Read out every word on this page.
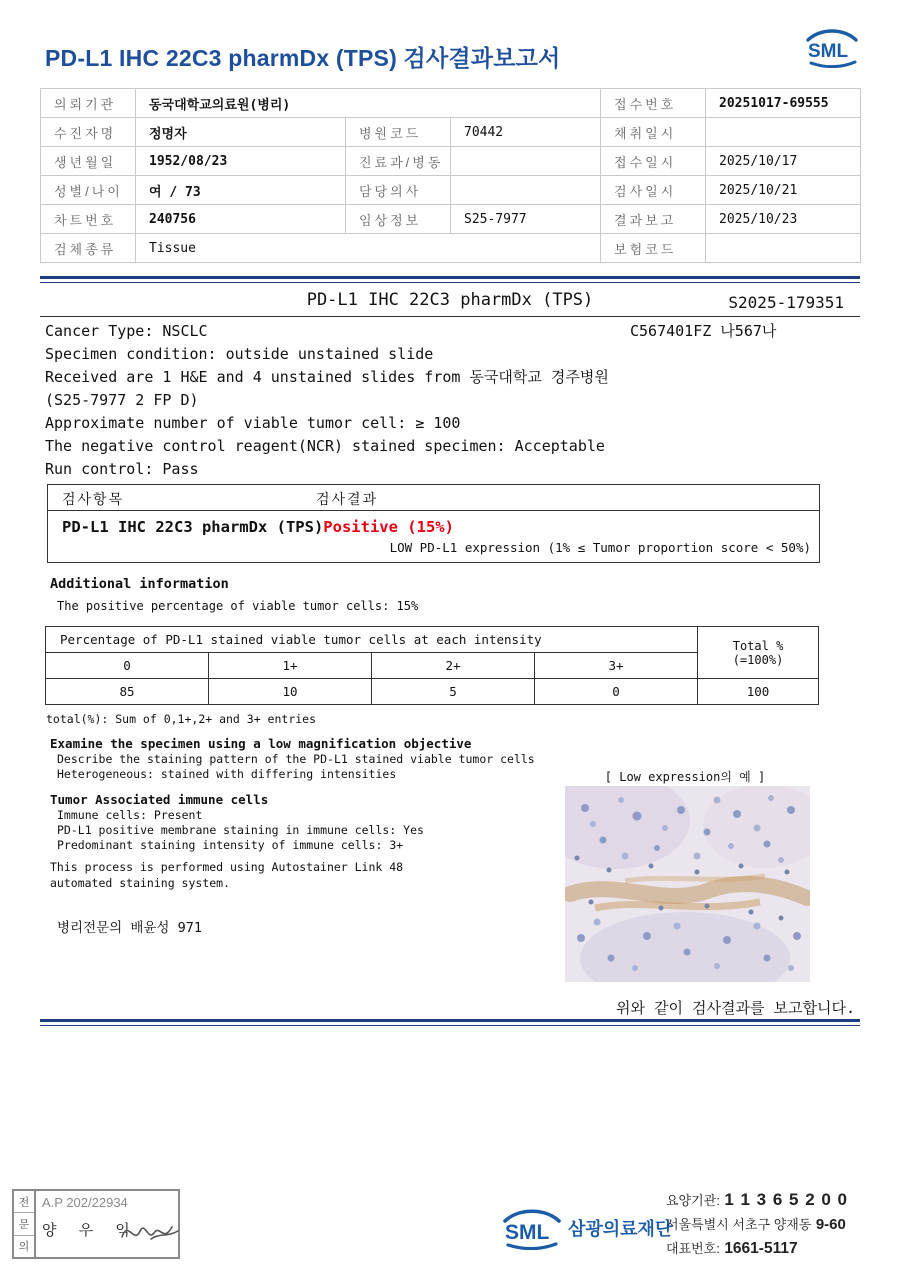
PD-L1 IHC 22C3 pharmDx (TPS) 검사결과보고서	SML
의뢰기관	동국대학교의료원(병리)			접수번호	20251017-69555
수진자명	정명자	병원코드	70442	채취일시	
생년월일	1952/08/23	진료과/병동		접수일시	2025/10/17
성별/나이	여 / 73	담당의사		검사일시	2025/10/21
차트번호	240756	임상정보	S25-7977	결과보고	2025/10/23
검체종류	Tissue			보험코드	
PD-L1 IHC 22C3 pharmDx (TPS)	S2025-179351
Cancer Type: NSCLC	C567401FZ 나567나
Specimen condition: outside unstained slide
Received are 1 H&E and 4 unstained slides from 동국대학교 경주병원
(S25-7977 2 FP D)
Approximate number of viable tumor cell: ≥ 100
The negative control reagent(NCR) stained specimen: Acceptable
Run control: Pass
검사항목	검사결과
PD-L1 IHC 22C3 pharmDx (TPS)Positive (15%)
LOW PD-L1 expression (1% ≤ Tumor proportion score < 50%)
Additional information
The positive percentage of viable tumor cells: 15%
Percentage of PD-L1 stained viable tumor cells at each intensity				Total %
(=100%)

0	1+	2+	3+	
85	10	5	0	100
total(%): Sum of 0,1+,2+ and 3+ entries
Examine the specimen using a low magnification objective
Describe the staining pattern of the PD-L1 stained viable tumor cells
Heterogeneous: stained with differing intensities	[ Low expression의 예 ]
Tumor Associated immune cells
Immune cells: Present
PD-L1 positive membrane staining in immune cells: Yes
Predominant staining intensity of immune cells: 3+
This process is performed using Autostainer Link 48
automated staining system.
병리전문의 배윤성 971
위와 같이 검사결과를 보고합니다.
전
문
의
A.P 202/22934
양 우 익	SML 삼광의료재단
요양기관: 1 1 3 6 5 2 0 0
서울특별시 서초구 양재동 9-60
대표번호: 1661-5117
